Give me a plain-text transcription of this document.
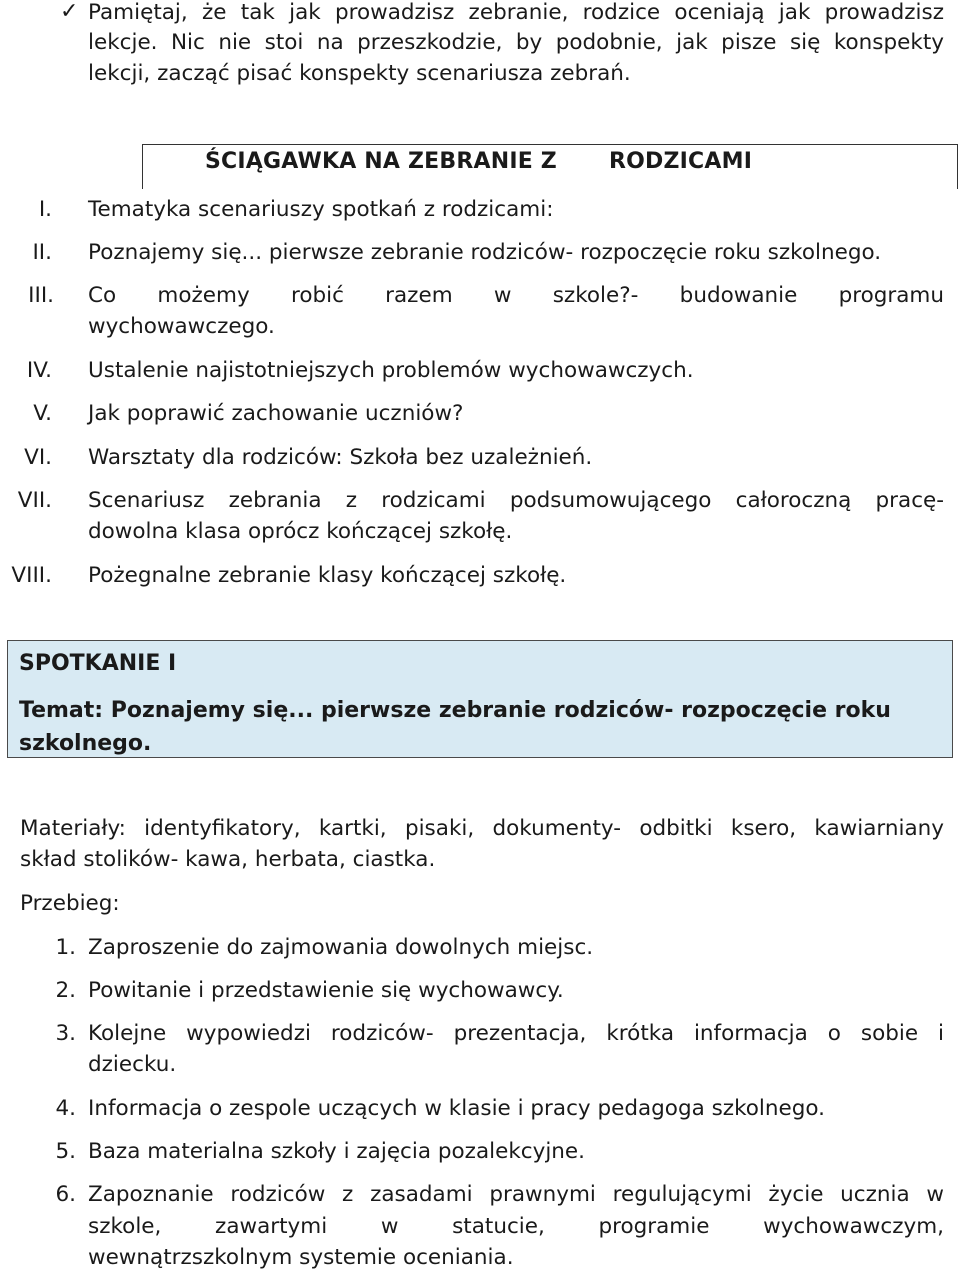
✓ Pamiętaj, że tak jak prowadzisz zebranie, rodzice oceniają jak prowadzisz
lekcje. Nic nie stoi na przeszkodzie, by podobnie, jak pisze się konspekty
lekcji, zacząć pisać konspekty scenariusza zebrań.
ŚCIĄGAWKA NA ZEBRANIE Z RODZICAMI
I. Tematyka scenariuszy spotkań z rodzicami:
II. Poznajemy się... pierwsze zebranie rodziców- rozpoczęcie roku szkolnego.
III. Co możemy robić razem w szkole?- budowanie programu
wychowawczego.
IV. Ustalenie najistotniejszych problemów wychowawczych.
V. Jak poprawić zachowanie uczniów?
VI. Warsztaty dla rodziców: Szkoła bez uzależnień.
VII. Scenariusz zebrania z rodzicami podsumowującego całoroczną pracę-
dowolna klasa oprócz kończącej szkołę.
VIII. Pożegnalne zebranie klasy kończącej szkołę.
SPOTKANIE I
Temat: Poznajemy się... pierwsze zebranie rodziców- rozpoczęcie roku szkolnego.
Materiały: identyfikatory, kartki, pisaki, dokumenty- odbitki ksero, kawiarniany
skład stolików- kawa, herbata, ciastka.
Przebieg:
1. Zaproszenie do zajmowania dowolnych miejsc.
2. Powitanie i przedstawienie się wychowawcy.
3. Kolejne wypowiedzi rodziców- prezentacja, krótka informacja o sobie i
dziecku.
4. Informacja o zespole uczących w klasie i pracy pedagoga szkolnego.
5. Baza materialna szkoły i zajęcia pozalekcyjne.
6. Zapoznanie rodziców z zasadami prawnymi regulującymi życie ucznia w
szkole, zawartymi w statucie, programie wychowawczym,
wewnątrzszkolnym systemie oceniania.
